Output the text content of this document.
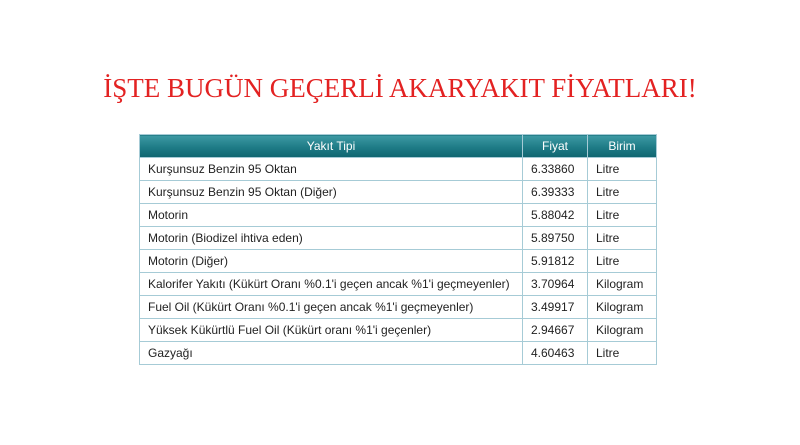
İŞTE BUGÜN GEÇERLİ AKARYAKIT FİYATLARI!
Yakıt Tipi	Fiyat	Birim
Kurşunsuz Benzin 95 Oktan	6.33860	Litre
Kurşunsuz Benzin 95 Oktan (Diğer)	6.39333	Litre
Motorin	5.88042	Litre
Motorin (Biodizel ihtiva eden)	5.89750	Litre
Motorin (Diğer)	5.91812	Litre
Kalorifer Yakıtı (Kükürt Oranı %0.1'i geçen ancak %1'i geçmeyenler)	3.70964	Kilogram
Fuel Oil (Kükürt Oranı %0.1'i geçen ancak %1'i geçmeyenler)	3.49917	Kilogram
Yüksek Kükürtlü Fuel Oil (Kükürt oranı %1'i geçenler)	2.94667	Kilogram
Gazyağı	4.60463	Litre
